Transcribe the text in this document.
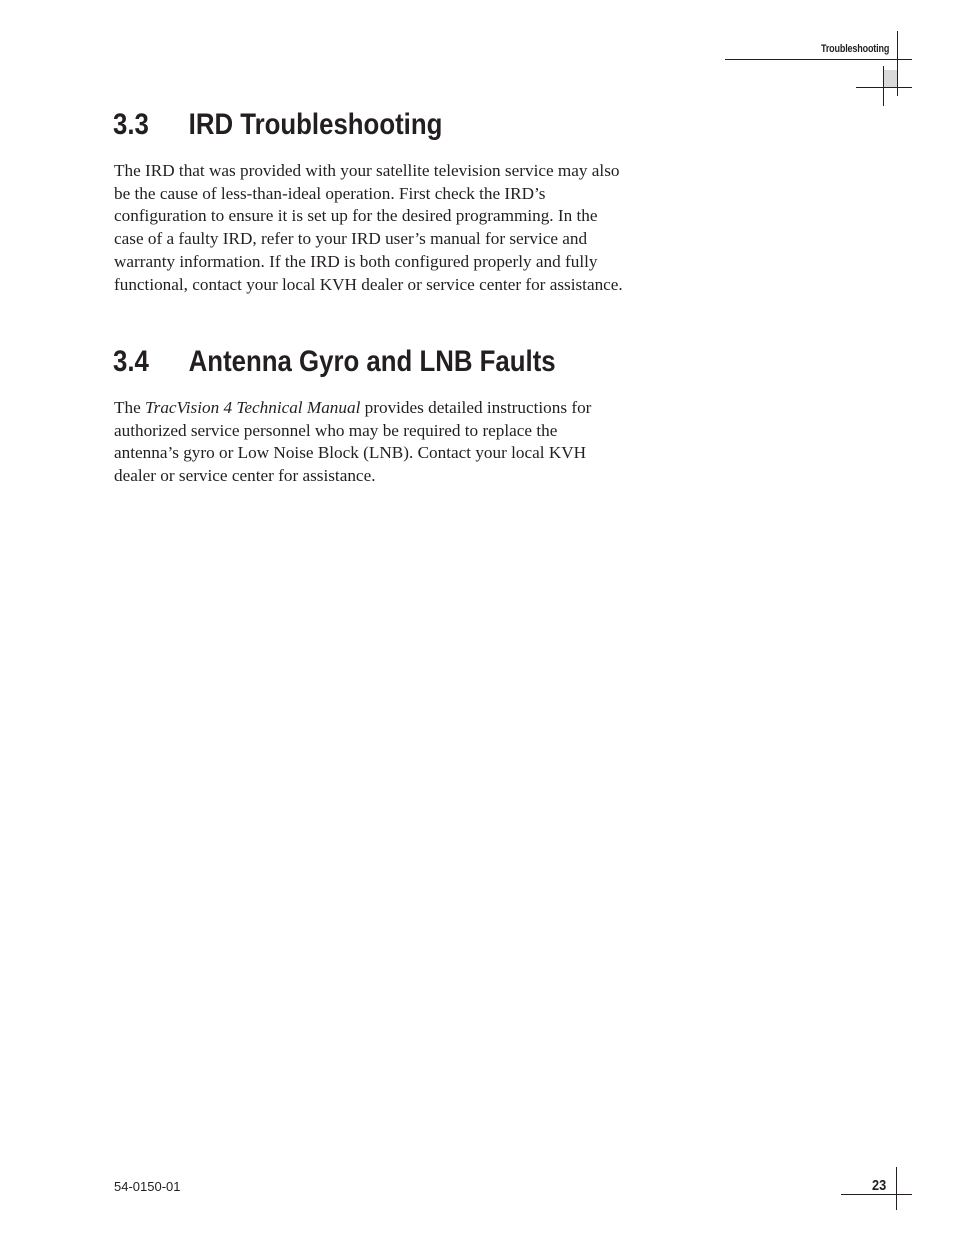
Troubleshooting
3.3 IRD Troubleshooting

The IRD that was provided with your satellite television service may also be the cause of less-than-ideal operation. First check the IRD’s configuration to ensure it is set up for the desired programming. In the case of a faulty IRD, refer to your IRD user’s manual for service and warranty information. If the IRD is both configured properly and fully functional, contact your local KVH dealer or service center for assistance.

3.4 Antenna Gyro and LNB Faults

The TracVision 4 Technical Manual provides detailed instructions for authorized service personnel who may be required to replace the antenna’s gyro or Low Noise Block (LNB). Contact your local KVH dealer or service center for assistance.

54-0150-01	23
